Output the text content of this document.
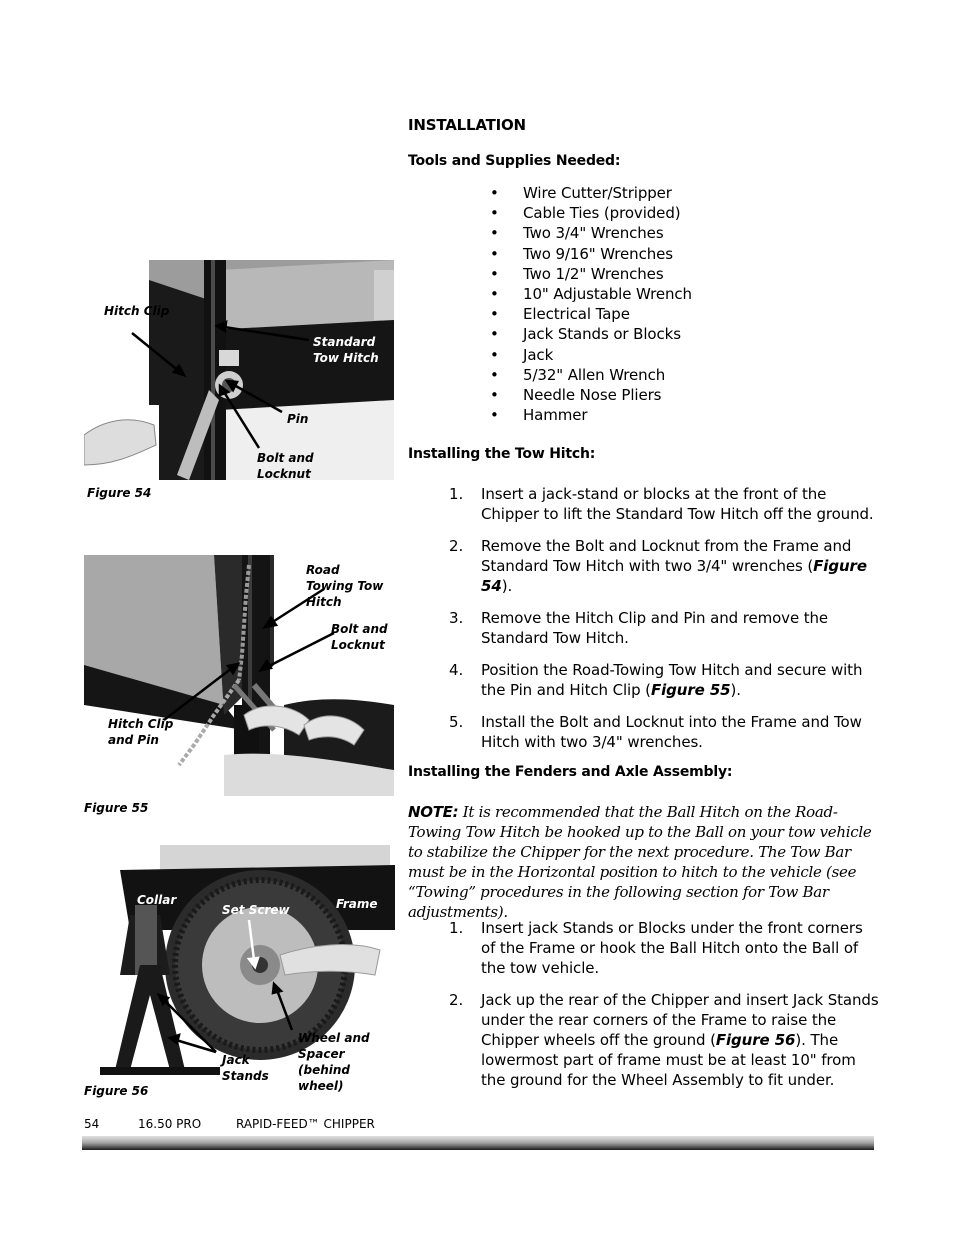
INSTALLATION
Tools and Supplies Needed:
• Wire Cutter/Stripper
• Cable Ties (provided)
• Two 3/4" Wrenches
• Two 9/16" Wrenches
• Two 1/2" Wrenches
• 10" Adjustable Wrench
• Electrical Tape
• Jack Stands or Blocks
• Jack
• 5/32" Allen Wrench
• Needle Nose Pliers
• Hammer
Installing the Tow Hitch:
1. Insert a jack-stand or blocks at the front of the Chipper to lift the Standard Tow Hitch off the ground.
2. Remove the Bolt and Locknut from the Frame and Standard Tow Hitch with two 3/4" wrenches (Figure 54).
3. Remove the Hitch Clip and Pin and remove the Standard Tow Hitch.
4. Position the Road-Towing Tow Hitch and secure with the Pin and Hitch Clip (Figure 55).
5. Install the Bolt and Locknut into the Frame and Tow Hitch with two 3/4" wrenches.
Installing the Fenders and Axle Assembly:
NOTE: It is recommended that the Ball Hitch on the Road-Towing Tow Hitch be hooked up to the Ball on your tow vehicle to stabilize the Chipper for the next procedure. The Tow Bar must be in the Horizontal position to hitch to the vehicle (see “Towing” procedures in the following section for Tow Bar adjustments).
1. Insert jack Stands or Blocks under the front corners of the Frame or hook the Ball Hitch onto the Ball of the tow vehicle.
2. Jack up the rear of the Chipper and insert Jack Stands under the rear corners of the Frame to raise the Chipper wheels off the ground (Figure 56). The lowermost part of frame must be at least 10" from the ground for the Wheel Assembly to fit under.
Hitch Clip
Standard Tow Hitch
Pin
Bolt and Locknut
Figure 54
Road Towing Tow Hitch
Bolt and Locknut
Hitch Clip and Pin
Figure 55
Collar
Set Screw	Frame
Wheel and Spacer (behind wheel)
Jack Stands
Figure 56
54	16.50 PRO	RAPID-FEED™ CHIPPER
